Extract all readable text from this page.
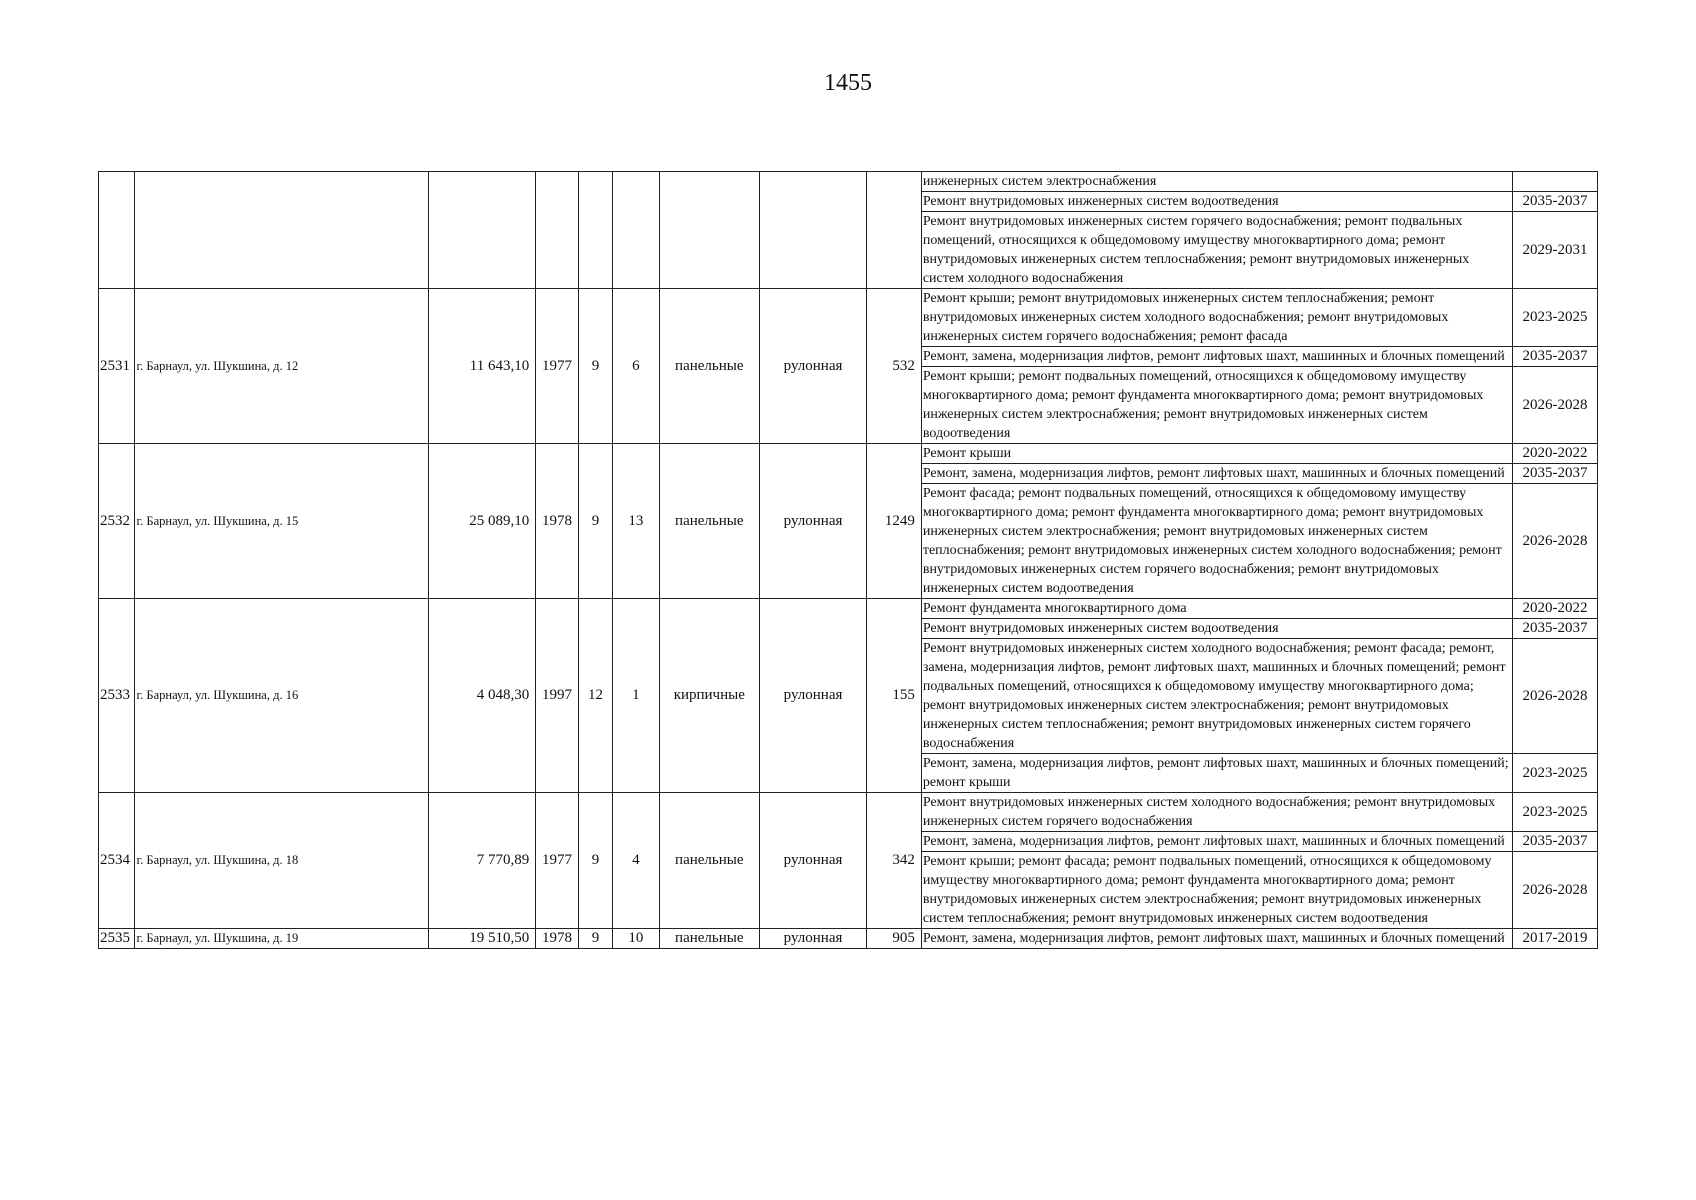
1455
									инженерных систем электроснабжения	
									Ремонт внутридомовых инженерных систем водоотведения	2035-2037
									Ремонт внутридомовых инженерных систем горячего водоснабжения; ремонт подвальных помещений, относящихся к общедомовому имуществу многоквартирного дома; ремонт внутридомовых инженерных систем теплоснабжения; ремонт внутридомовых инженерных систем холодного водоснабжения	2029-2031
2531	г. Барнаул, ул. Шукшина, д. 12	11 643,10	1977	9	6	панельные	рулонная	532	Ремонт крыши; ремонт внутридомовых инженерных систем теплоснабжения; ремонт внутридомовых инженерных систем холодного водоснабжения; ремонт внутридомовых инженерных систем горячего водоснабжения; ремонт фасада	2023-2025
									Ремонт, замена, модернизация лифтов, ремонт лифтовых шахт, машинных и блочных помещений	2035-2037
									Ремонт крыши; ремонт подвальных помещений, относящихся к общедомовому имуществу многоквартирного дома; ремонт фундамента многоквартирного дома; ремонт внутридомовых инженерных систем электроснабжения; ремонт внутридомовых инженерных систем водоотведения	2026-2028
2532	г. Барнаул, ул. Шукшина, д. 15	25 089,10	1978	9	13	панельные	рулонная	1249	Ремонт крыши	2020-2022
									Ремонт, замена, модернизация лифтов, ремонт лифтовых шахт, машинных и блочных помещений	2035-2037
									Ремонт фасада; ремонт подвальных помещений, относящихся к общедомовому имуществу многоквартирного дома; ремонт фундамента многоквартирного дома; ремонт внутридомовых инженерных систем электроснабжения; ремонт внутридомовых инженерных систем теплоснабжения; ремонт внутридомовых инженерных систем холодного водоснабжения; ремонт внутридомовых инженерных систем горячего водоснабжения; ремонт внутридомовых инженерных систем водоотведения	2026-2028
2533	г. Барнаул, ул. Шукшина, д. 16	4 048,30	1997	12	1	кирпичные	рулонная	155	Ремонт фундамента многоквартирного дома	2020-2022
									Ремонт внутридомовых инженерных систем водоотведения	2035-2037
									Ремонт внутридомовых инженерных систем холодного водоснабжения; ремонт фасада; ремонт, замена, модернизация лифтов, ремонт лифтовых шахт, машинных и блочных помещений; ремонт подвальных помещений, относящихся к общедомовому имуществу многоквартирного дома; ремонт внутридомовых инженерных систем электроснабжения; ремонт внутридомовых инженерных систем теплоснабжения; ремонт внутридомовых инженерных систем горячего водоснабжения	2026-2028
									Ремонт, замена, модернизация лифтов, ремонт лифтовых шахт, машинных и блочных помещений; ремонт крыши	2023-2025
2534	г. Барнаул, ул. Шукшина, д. 18	7 770,89	1977	9	4	панельные	рулонная	342	Ремонт внутридомовых инженерных систем холодного водоснабжения; ремонт внутридомовых инженерных систем горячего водоснабжения	2023-2025
									Ремонт, замена, модернизация лифтов, ремонт лифтовых шахт, машинных и блочных помещений	2035-2037
									Ремонт крыши; ремонт фасада; ремонт подвальных помещений, относящихся к общедомовому имуществу многоквартирного дома; ремонт фундамента многоквартирного дома; ремонт внутридомовых инженерных систем электроснабжения; ремонт внутридомовых инженерных систем теплоснабжения; ремонт внутридомовых инженерных систем водоотведения	2026-2028
2535	г. Барнаул, ул. Шукшина, д. 19	19 510,50	1978	9	10	панельные	рулонная	905	Ремонт, замена, модернизация лифтов, ремонт лифтовых шахт, машинных и блочных помещений	2017-2019
